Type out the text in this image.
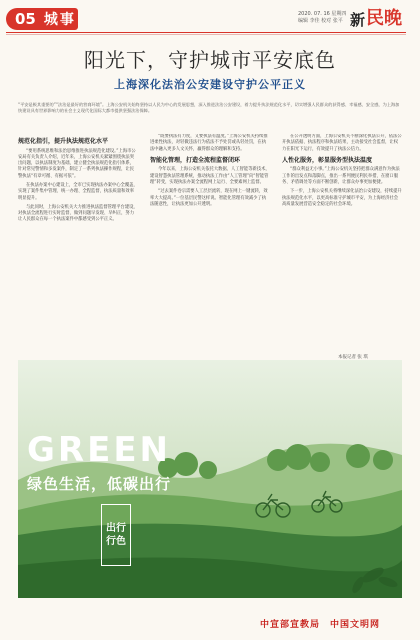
05 城事	2020. 07. 16 星期四
编辑 李佳 校对 张平 新 民晚
阳光下，守护城市平安底色
上海深化法治公安建设守护公平正义
“平安是极其重要的”“法治是最好的营商环境”。上海公安机关始终坚持以人民为中心的发展思想，深入推进法治公安建设，着力提升执法规范化水平，切实增强人民群众的获得感、幸福感、安全感，为上海加快建设具有世界影响力的社会主义现代化国际大都市提供坚强法治保障。
规范化指引，提升执法规范化水平

“要用系统思维和法治思维推进执法规范化建设。”上海市公安局有关负责人介绍，近年来，上海公安机关紧紧围绕执法突出问题，以执法制度为基础，建立健全执法规范化指引体系，针对常见警情和多发案件，制定了一系列执法操作规程，让民警执法“有章可循、有据可依”。

在执法办案中心建设上，全市已实现执法办案中心全覆盖，实现了案件集中管理、统一办理、全程监督，执法质量和效率明显提升。

与此同时，上海公安机关大力推进执法监督管理平台建设，对执法全流程进行实时监督，做到问题早发现、早纠正，努力让人民群众在每一个执法案件中都感受到公平正义。

“既要执法有力度，又要执法有温度。”上海公安机关持续推进柔性执法，对轻微违法行为依法不予处罚或从轻处罚，在执法中融入更多人文关怀，赢得群众的理解和支持。

智能化管理，打造全流程监督闭环

今年以来，上海公安机关依托大数据、人工智能等新技术，建设智慧执法管理系统，推动执法工作由“人工管理”向“智能管理”转变，实现执法办案全流程网上运行、全要素网上监督。

“过去案件卷宗需要人工层层流转，现在网上一键流转，效率大大提高。”一位基层民警这样说。智能化管理有效减少了执法随意性，让执法更加公开透明。

在公开透明方面，上海公安机关不断深化执法公开，依法公开执法依据、执法程序和执法结果，主动接受社会监督，让权力在阳光下运行，有效提升了执法公信力。

人性化服务，彰显服务型执法温度

“群众利益无小事。”上海公安机关坚持把群众满意作为执法工作的出发点和落脚点，推出一系列便民利民举措，在窗口服务、矛盾调处等方面不断创新，让群众办事更加便捷。

下一步，上海公安机关将继续深化法治公安建设，持续提升执法规范化水平，以更高标准守护城市平安，为上海经济社会高质量发展营造安全稳定的社会环境。

本报记者 张 琪
GREEN
绿色生活，低碳出行
出行
行色
中宣部宣教局　中国文明网
